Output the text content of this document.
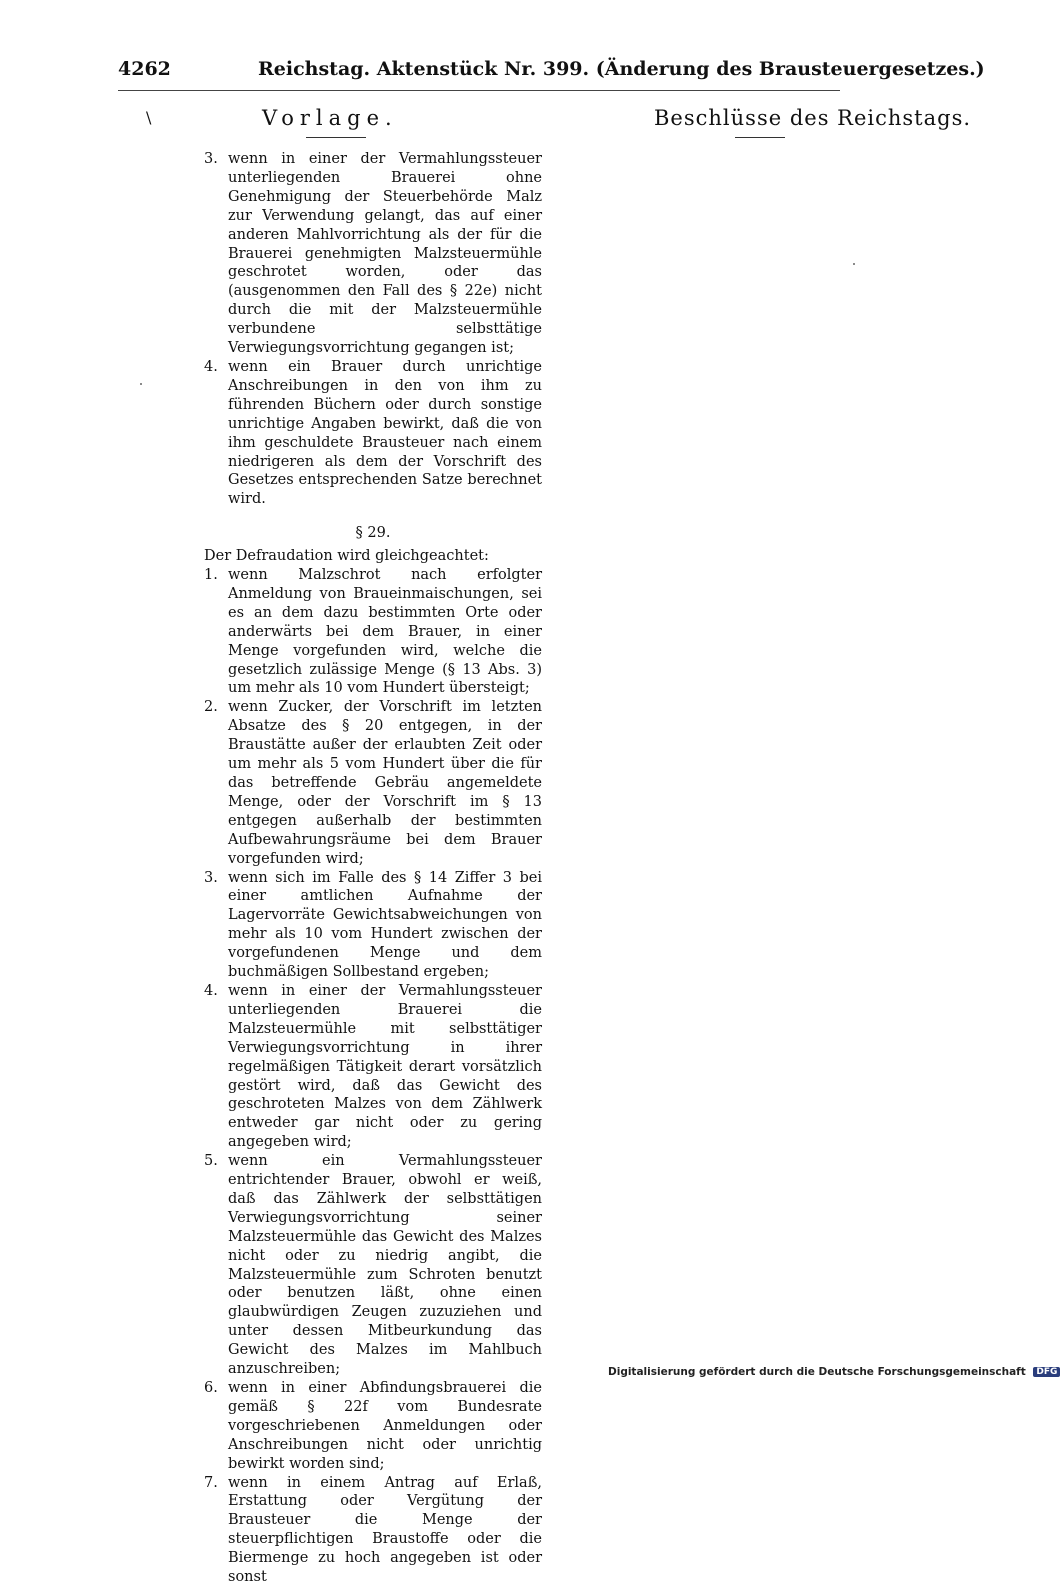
4262	Reichstag. Aktenstück Nr. 399. (Änderung des Brausteuergesetzes.)
\	Vorlage.	Beschlüsse des Reichstags.
3. wenn in einer der Vermahlungssteuer unterliegenden Brauerei ohne Genehmigung der Steuerbehörde Malz zur Verwendung gelangt, das auf einer anderen Mahlvorrichtung als der für die Brauerei genehmigten Malzsteuermühle geschrotet worden, oder das (ausgenommen den Fall des § 22e) nicht durch die mit der Malzsteuermühle verbundene selbsttätige Verwiegungsvorrichtung gegangen ist;
4. wenn ein Brauer durch unrichtige Anschreibungen in den von ihm zu führenden Büchern oder durch sonstige unrichtige Angaben bewirkt, daß die von ihm geschuldete Brausteuer nach einem niedrigeren als dem der Vorschrift des Gesetzes entsprechenden Satze berechnet wird.
§ 29.

Der Defraudation wird gleichgeachtet:

1. wenn Malzschrot nach erfolgter Anmeldung von Braueinmaischungen, sei es an dem dazu bestimmten Orte oder anderwärts bei dem Brauer, in einer Menge vorgefunden wird, welche die gesetzlich zulässige Menge (§ 13 Abs. 3) um mehr als 10 vom Hundert übersteigt;
2. wenn Zucker, der Vorschrift im letzten Absatze des § 20 entgegen, in der Braustätte außer der erlaubten Zeit oder um mehr als 5 vom Hundert über die für das betreffende Gebräu angemeldete Menge, oder der Vorschrift im § 13 entgegen außerhalb der bestimmten Aufbewahrungsräume bei dem Brauer vorgefunden wird;
3. wenn sich im Falle des § 14 Ziffer 3 bei einer amtlichen Aufnahme der Lagervorräte Gewichtsabweichungen von mehr als 10 vom Hundert zwischen der vorgefundenen Menge und dem buchmäßigen Sollbestand ergeben;
4. wenn in einer der Vermahlungssteuer unterliegenden Brauerei die Malzsteuermühle mit selbsttätiger Verwiegungsvorrichtung in ihrer regelmäßigen Tätigkeit derart vorsätzlich gestört wird, daß das Gewicht des geschroteten Malzes von dem Zählwerk entweder gar nicht oder zu gering angegeben wird;
5. wenn ein Vermahlungssteuer entrichtender Brauer, obwohl er weiß, daß das Zählwerk der selbsttätigen Verwiegungsvorrichtung seiner Malzsteuermühle das Gewicht des Malzes nicht oder zu niedrig angibt, die Malzsteuermühle zum Schroten benutzt oder benutzen läßt, ohne einen glaubwürdigen Zeugen zuzuziehen und unter dessen Mitbeurkundung das Gewicht des Malzes im Mahlbuch anzuschreiben;
6. wenn in einer Abfindungsbrauerei die gemäß § 22f vom Bundesrate vorgeschriebenen Anmeldungen oder Anschreibungen nicht oder unrichtig bewirkt worden sind;
7. wenn in einem Antrag auf Erlaß, Erstattung oder Vergütung der Brausteuer die Menge der steuerpflichtigen Braustoffe oder die Biermenge zu hoch angegeben ist oder sonst
Digitalisierung gefördert durch die Deutsche Forschungsgemeinschaft DFG
